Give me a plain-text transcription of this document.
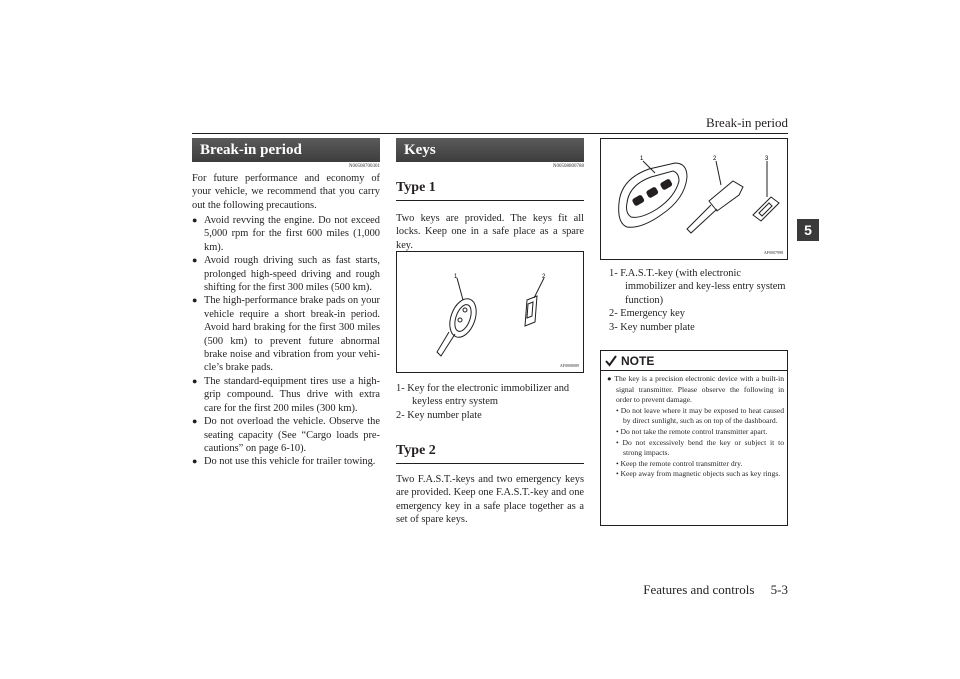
Break-in period
5
Break-in period
N00508700301
For future performance and economy of your vehicle, we recommend that you carry out the following precautions.
● Avoid revving the engine. Do not exceed 5,000 rpm for the first 600 miles (1,000 km).
● Avoid rough driving such as fast starts, prolonged high-speed driving and rough shifting for the first 300 miles (500 km).
● The high-performance brake pads on your vehicle require a short break-in period. Avoid hard braking for the first 300 miles (500 km) to prevent future abnormal brake noise and vibration from your vehi-cle’s brake pads.
● The standard-equipment tires use a high-grip compound. Thus drive with extra care for the first 200 miles (300 km).
● Do not overload the vehicle. Observe the seating capacity (See “Cargo loads pre-cautions” on page 6-10).
● Do not use this vehicle for trailer towing.
Keys
N00508800788
Type 1
Two keys are provided. The keys fit all locks. Keep one in a safe place as a spare key.
1	2
AF0008089
1- Key for the electronic immobilizer and keyless entry system
2- Key number plate
Type 2
Two F.A.S.T.-keys and two emergency keys are provided. Keep one F.A.S.T.-key and one emergency key in a safe place together as a set of spare keys.
1	2	3
AF0007998
1- F.A.S.T.-key (with electronic immobilizer and key-less entry system function)
2- Emergency key
3- Key number plate
NOTE
● The key is a precision electronic device with a built-in signal transmitter. Please observe the following in order to prevent damage.
• Do not leave where it may be exposed to heat caused by direct sunlight, such as on top of the dashboard.
• Do not take the remote control transmitter apart.
• Do not excessively bend the key or subject it to strong impacts.
• Keep the remote control transmitter dry.
• Keep away from magnetic objects such as key rings.
Features and controls     5-3
